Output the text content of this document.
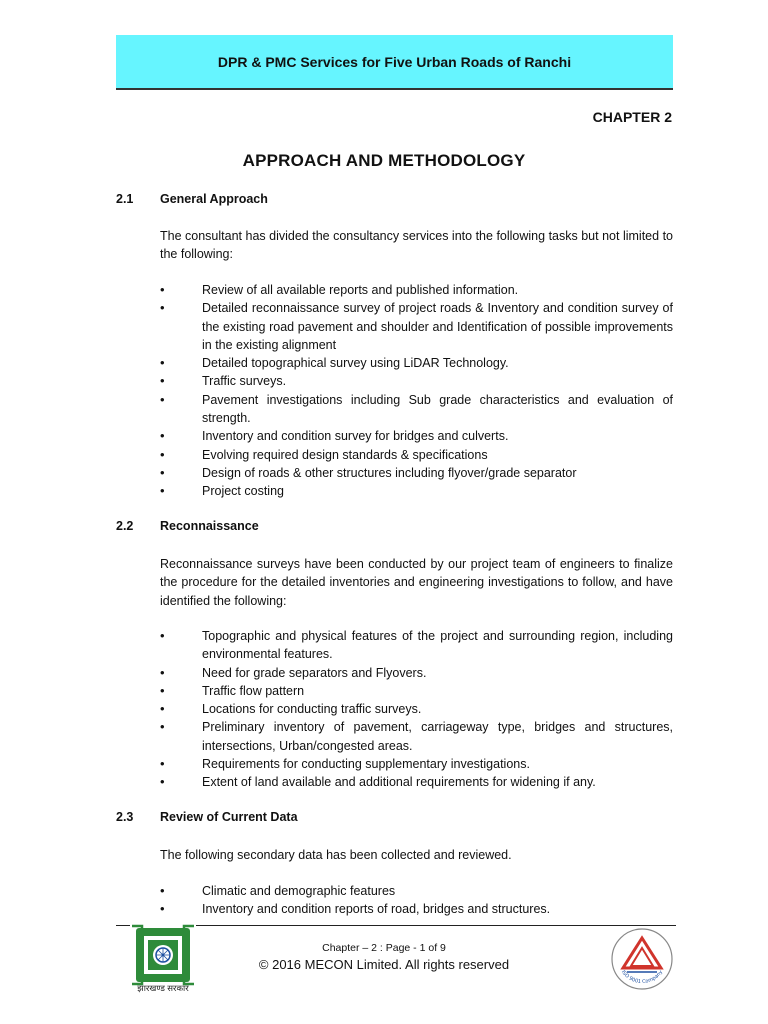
DPR & PMC Services for Five Urban Roads of Ranchi
CHAPTER 2
APPROACH AND METHODOLOGY
2.1 General Approach

The consultant has divided the consultancy services into the following tasks but not limited to the following:

• Review of all available reports and published information.
• Detailed reconnaissance survey of project roads & Inventory and condition survey of the existing road pavement and shoulder and Identification of possible improvements in the existing alignment
• Detailed topographical survey using LiDAR Technology.
• Traffic surveys.
• Pavement investigations including Sub grade characteristics and evaluation of strength.
• Inventory and condition survey for bridges and culverts.
• Evolving required design standards & specifications
• Design of roads & other structures including flyover/grade separator
• Project costing
2.2 Reconnaissance

Reconnaissance surveys have been conducted by our project team of engineers to finalize the procedure for the detailed inventories and engineering investigations to follow, and have identified the following:

• Topographic and physical features of the project and surrounding region, including environmental features.
• Need for grade separators and Flyovers.
• Traffic flow pattern
• Locations for conducting traffic surveys.
• Preliminary inventory of pavement, carriageway type, bridges and structures, intersections, Urban/congested areas.
• Requirements for conducting supplementary investigations.
• Extent of land available and additional requirements for widening if any.
2.3 Review of Current Data

The following secondary data has been collected and reviewed.

• Climatic and demographic features
• Inventory and condition reports of road, bridges and structures.
झारखण्ड सरकार
Chapter – 2 : Page - 1 of 9
© 2016 MECON Limited. All rights reserved	ISO 9001 Company
